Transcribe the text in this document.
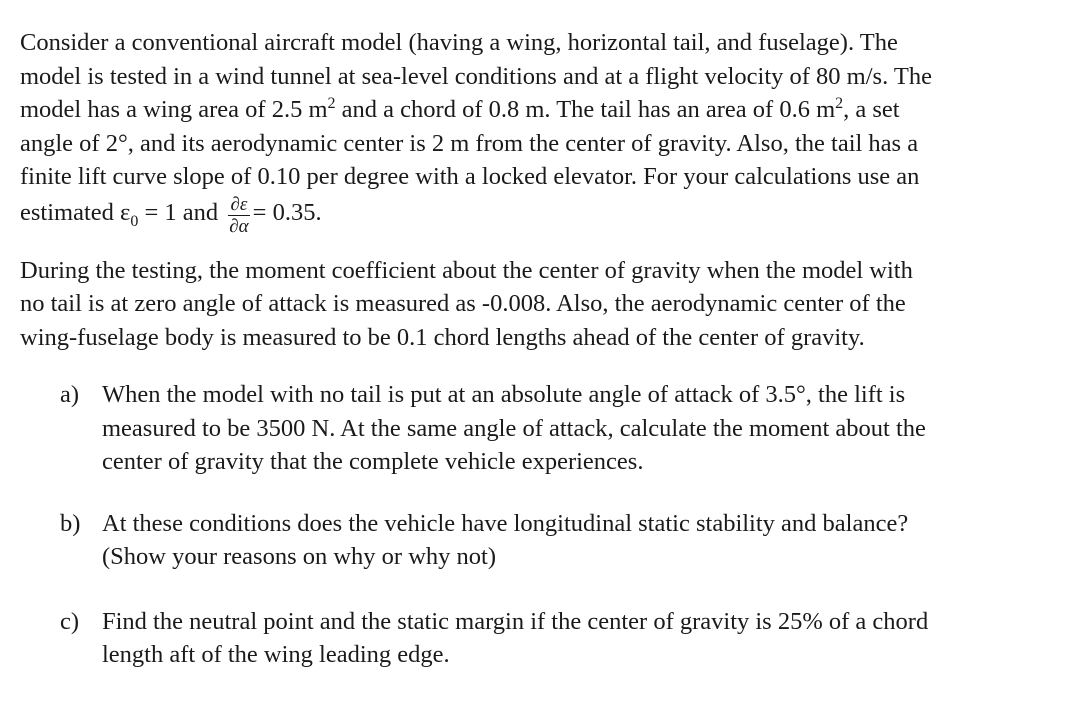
Consider a conventional aircraft model (having a wing, horizontal tail, and fuselage). The
model is tested in a wind tunnel at sea-level conditions and at a flight velocity of 80 m/s. The
model has a wing area of 2.5 $m^2$ and a chord of 0.8 m. The tail has an area of 0.6 $m^2$, a set
angle of 2°, and its aerodynamic center is 2 m from the center of gravity. Also, the tail has a
finite lift curve slope of 0.10 per degree with a locked elevator. For your calculations use an
estimated $\varepsilon_0 = 1$ and $\frac{\partial\varepsilon}{\partial\alpha} = 0.35$.

During the testing, the moment coefficient about the center of gravity when the model with
no tail is at zero angle of attack is measured as -0.008. Also, the aerodynamic center of the
wing-fuselage body is measured to be 0.1 chord lengths ahead of the center of gravity.

a) When the model with no tail is put at an absolute angle of attack of 3.5°, the lift is
measured to be 3500 N. At the same angle of attack, calculate the moment about the
center of gravity that the complete vehicle experiences.
b) At these conditions does the vehicle have longitudinal static stability and balance?
(Show your reasons on why or why not)
c) Find the neutral point and the static margin if the center of gravity is 25% of a chord
length aft of the wing leading edge.
